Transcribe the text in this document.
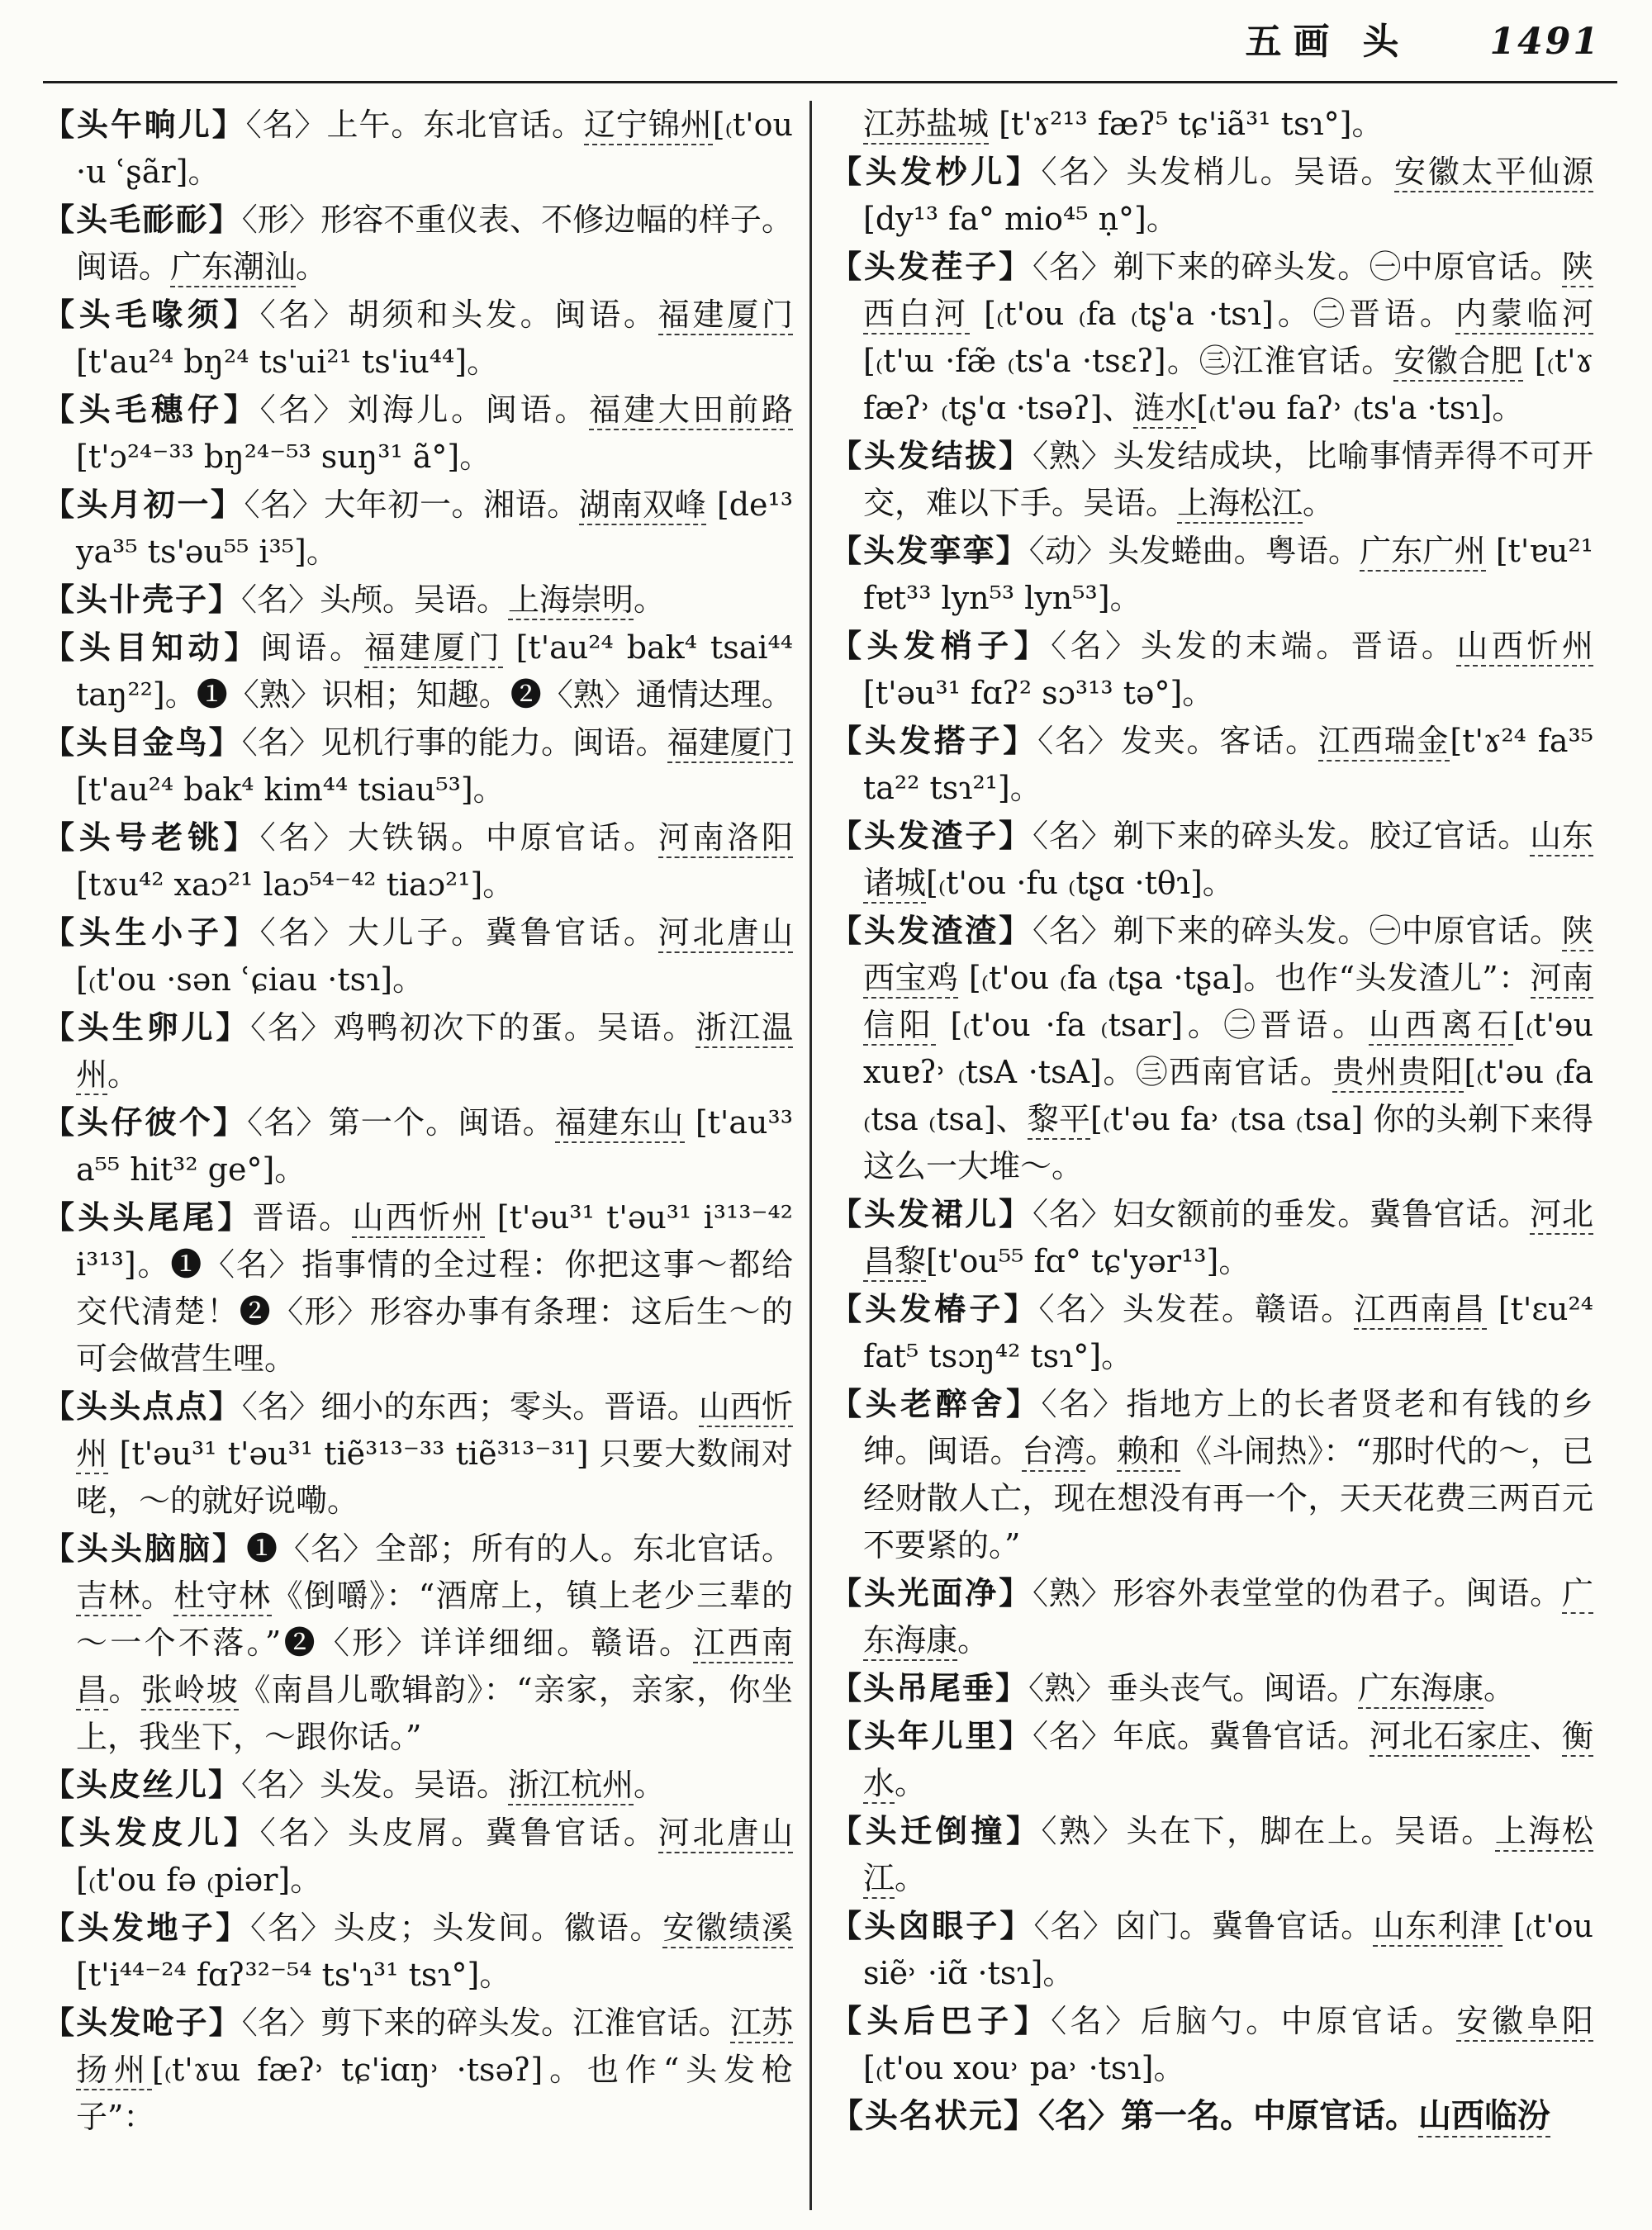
五画 头	1491

【头午晌儿】〈名〉上午。东北官话。辽宁锦州[₍t'ou ·u ʿʂãr]。

【头毛耏耏】〈形〉形容不重仪表、不修边幅的样子。闽语。广东潮汕。

【头毛喙须】〈名〉胡须和头发。闽语。福建厦门 [t'au²⁴ bŋ²⁴ ts'ui²¹ ts'iu⁴⁴]。

【头毛穗仔】〈名〉刘海儿。闽语。福建大田前路 [t'ɔ²⁴⁻³³ bŋ²⁴⁻⁵³ suŋ³¹ ã°]。

【头月初一】〈名〉大年初一。湘语。湖南双峰 [de¹³ ya³⁵ ts'əu⁵⁵ i³⁵]。

【头卝壳子】〈名〉头颅。吴语。上海崇明。

【头目知动】闽语。福建厦门 [t'au²⁴ bak⁴ tsai⁴⁴ taŋ²²]。❶〈熟〉识相；知趣。❷〈熟〉通情达理。

【头目金鸟】〈名〉见机行事的能力。闽语。福建厦门 [t'au²⁴ bak⁴ kim⁴⁴ tsiau⁵³]。

【头号老铫】〈名〉大铁锅。中原官话。河南洛阳 [tɤu⁴² xaɔ²¹ laɔ⁵⁴⁻⁴² tiaɔ²¹]。

【头生小子】〈名〉大儿子。冀鲁官话。河北唐山 [₍t'ou ·sən ʿɕiau ·tsɿ]。

【头生卵儿】〈名〉鸡鸭初次下的蛋。吴语。浙江温州。

【头仔彼个】〈名〉第一个。闽语。福建东山 [t'au³³ a⁵⁵ hit³² ge°]。

【头头尾尾】晋语。山西忻州 [t'əu³¹ t'əu³¹ i³¹³⁻⁴² i³¹³]。❶〈名〉指事情的全过程：你把这事～都给交代清楚！❷〈形〉形容办事有条理：这后生～的可会做营生哩。

【头头点点】〈名〉细小的东西；零头。晋语。山西忻州 [t'əu³¹ t'əu³¹ tiẽ³¹³⁻³³ tiẽ³¹³⁻³¹] 只要大数闹对咾，～的就好说嘞。

【头头脑脑】❶〈名〉全部；所有的人。东北官话。吉林。杜守林《倒嚼》：“酒席上，镇上老少三辈的～一个不落。”❷〈形〉详详细细。赣语。江西南昌。张岭坡《南昌儿歌辑韵》：“亲家，亲家，你坐上，我坐下，～跟你话。”

【头皮丝儿】〈名〉头发。吴语。浙江杭州。

【头发皮儿】〈名〉头皮屑。冀鲁官话。河北唐山 [₍t'ou fə ₍piər]。

【头发地子】〈名〉头皮；头发间。徽语。安徽绩溪 [t'i⁴⁴⁻²⁴ fɑʔ³²⁻⁵⁴ ts'ɿ³¹ tsɿ°]。

【头发呛子】〈名〉剪下来的碎头发。江淮官话。江苏扬州[₍t'ɤɯ fæʔ˒ tɕ'iɑŋ˒ ·tsəʔ]。也作“头发枪子”：

江苏盐城 [t'ɤ²¹³ fæʔ⁵ tɕ'iã³¹ tsɿ°]。

【头发杪儿】〈名〉头发梢儿。吴语。安徽太平仙源 [dy¹³ fa° mio⁴⁵ ṇ°]。

【头发茬子】〈名〉剃下来的碎头发。㊀中原官话。陕西白河 [₍t'ou ₍fa ₍tʂ'a ·tsɿ]。㊁晋语。内蒙临河 [₍t'ɯ ·fæ̃ ₍ts'a ·tsɛʔ]。㊂江淮官话。安徽合肥 [₍t'ɤ fæʔ˒ ₍tʂ'ɑ ·tsəʔ]、涟水[₍t'əu faʔ˒ ₍ts'a ·tsɿ]。

【头发结拔】〈熟〉头发结成块，比喻事情弄得不可开交，难以下手。吴语。上海松江。

【头发挛挛】〈动〉头发蜷曲。粤语。广东广州 [t'ɐu²¹ fɐt³³ lyn⁵³ lyn⁵³]。

【头发梢子】〈名〉头发的末端。晋语。山西忻州 [t'əu³¹ fɑʔ² sɔ³¹³ tə°]。

【头发搭子】〈名〉发夹。客话。江西瑞金[t'ɤ²⁴ fa³⁵ ta²² tsɿ²¹]。

【头发渣子】〈名〉剃下来的碎头发。胶辽官话。山东诸城[₍t'ou ·fu ₍tʂɑ ·tθɿ]。

【头发渣渣】〈名〉剃下来的碎头发。㊀中原官话。陕西宝鸡 [₍t'ou ₍fa ₍tʂa ·tʂa]。也作“头发渣儿”：河南信阳 [₍t'ou ·fa ₍tsar]。㊁晋语。山西离石[₍t'ɘu xuɐʔ˒ ₍tsA ·tsA]。㊂西南官话。贵州贵阳[₍t'əu ₍fa ₍tsa ₍tsa]、黎平[₍t'əu fa˒ ₍tsa ₍tsa] 你的头剃下来得这么一大堆～。

【头发裙儿】〈名〉妇女额前的垂发。冀鲁官话。河北昌黎[t'ou⁵⁵ fɑ° tɕ'yər¹³]。

【头发椿子】〈名〉头发茬。赣语。江西南昌 [t'ɛu²⁴ fat⁵ tsɔŋ⁴² tsɿ°]。

【头老醉舍】〈名〉指地方上的长者贤老和有钱的乡绅。闽语。台湾。赖和《斗闹热》：“那时代的～，已经财散人亡，现在想没有再一个，天天花费三两百元不要紧的。”

【头光面净】〈熟〉形容外表堂堂的伪君子。闽语。广东海康。

【头吊尾垂】〈熟〉垂头丧气。闽语。广东海康。

【头年儿里】〈名〉年底。冀鲁官话。河北石家庄、衡水。

【头迁倒撞】〈熟〉头在下，脚在上。吴语。上海松江。

【头囟眼子】〈名〉囟门。冀鲁官话。山东利津 [₍t'ou siẽ˒ ·iɑ̃ ·tsɿ]。

【头后巴子】〈名〉后脑勺。中原官话。安徽阜阳 [₍t'ou xou˒ pa˒ ·tsɿ]。

【头名状元】〈名〉第一名。中原官话。山西临汾
